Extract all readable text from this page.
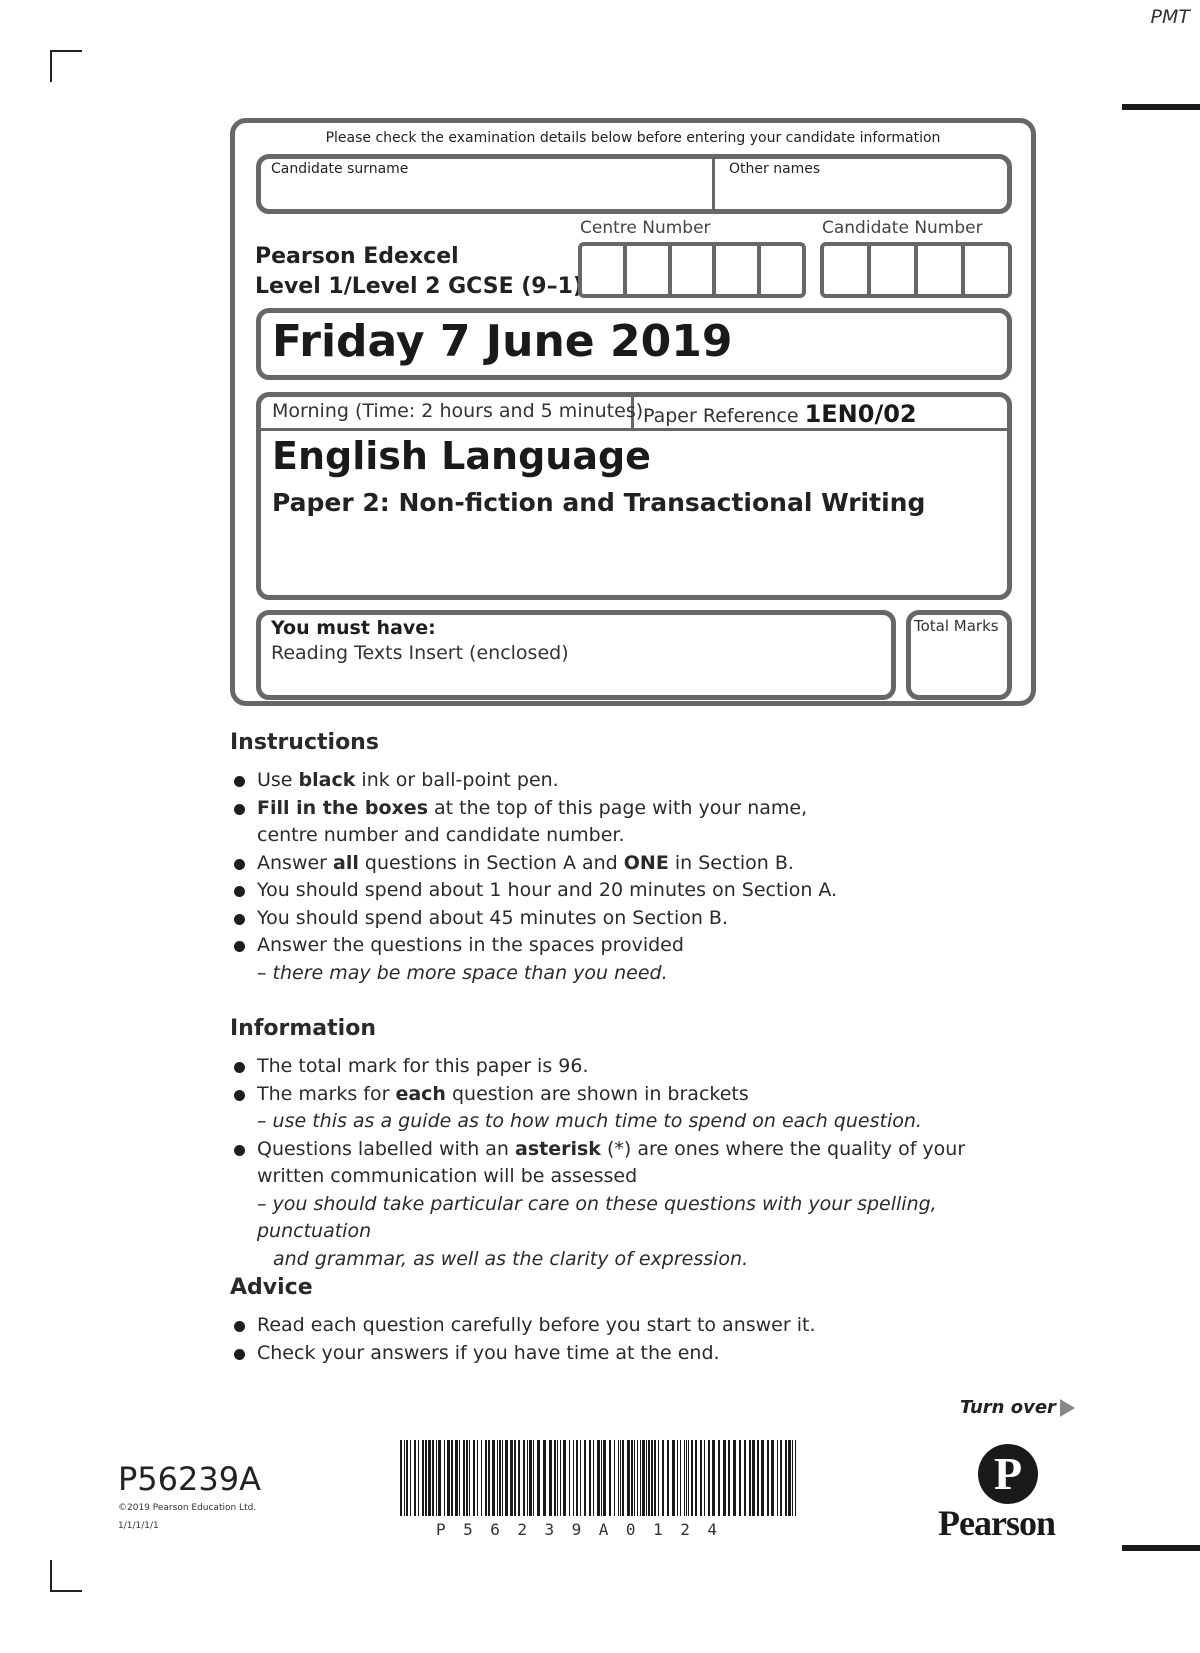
PMT
Please check the examination details below before entering your candidate information
Candidate surname	Other names
Pearson Edexcel
Level 1/Level 2 GCSE (9–1)
Centre Number	Candidate Number
Friday 7 June 2019
Morning (Time: 2 hours and 5 minutes) Paper Reference 1EN0/02
English Language
Paper 2: Non-fiction and Transactional Writing
You must have:
Reading Texts Insert (enclosed)
Total Marks
Instructions
Use black ink or ball-point pen.
Fill in the boxes at the top of this page with your name,
centre number and candidate number.
Answer all questions in Section A and ONE in Section B.
You should spend about 1 hour and 20 minutes on Section A.
You should spend about 45 minutes on Section B.
Answer the questions in the spaces provided
– there may be more space than you need.
Information
The total mark for this paper is 96.
The marks for each question are shown in brackets
– use this as a guide as to how much time to spend on each question.
Questions labelled with an asterisk (*) are ones where the quality of your
written communication will be assessed
– you should take particular care on these questions with your spelling, punctuation
and grammar, as well as the clarity of expression.
Advice
Read each question carefully before you start to answer it.
Check your answers if you have time at the end.
Turn over
P56239A
©2019 Pearson Education Ltd.
1/1/1/1/1	P56239A0124
P
Pearson
